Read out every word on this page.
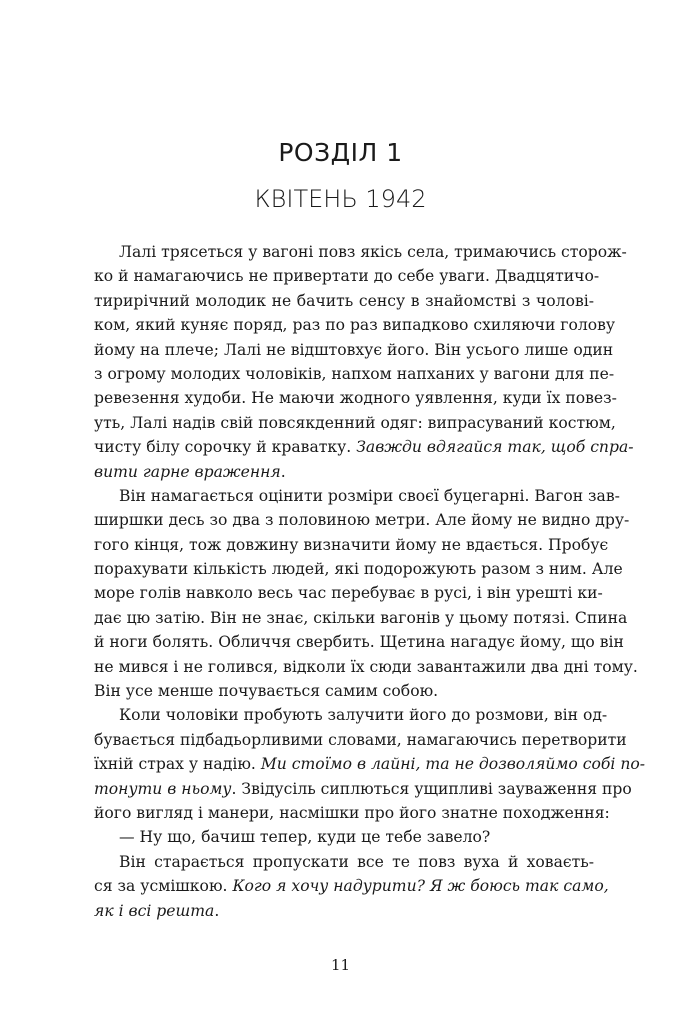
РОЗДІЛ 1
КВІТЕНЬ 1942
Лалі трясеться у вагоні повз якісь села, тримаючись сторож-
ко й намагаючись не привертати до себе уваги. Двадцятичо-
тирирічний молодик не бачить сенсу в знайомстві з чолові-
ком, який куняє поряд, раз по раз випадково схиляючи голову
йому на плече; Лалі не відштовхує його. Він усього лише один
з огрому молодих чоловіків, напхом напханих у вагони для пе-
ревезення худоби. Не маючи жодного уявлення, куди їх повез-
уть, Лалі надів свій повсякденний одяг: випрасуваний костюм,
чисту білу сорочку й краватку. Завжди вдягайся так, щоб спра-
вити гарне враження.
Він намагається оцінити розміри своєї буцегарні. Вагон зав-
ширшки десь зо два з половиною метри. Але йому не видно дру-
гого кінця, тож довжину визначити йому не вдається. Пробує
порахувати кількість людей, які подорожують разом з ним. Але
море голів навколо весь час перебуває в русі, і він урешті ки-
дає цю затію. Він не знає, скільки вагонів у цьому потязі. Спина
й ноги болять. Обличчя свербить. Щетина нагадує йому, що він
не мився і не голився, відколи їх сюди завантажили два дні тому.
Він усе менше почувається самим собою.
Коли чоловіки пробують залучити його до розмови, він од-
бувається підбадьорливими словами, намагаючись перетворити
їхній страх у надію. Ми стоїмо в лайні, та не дозволяймо собі по-
тонути в ньому. Звідусіль сиплються ущипливі зауваження про
його вигляд і манери, насмішки про його знатне походження:
— Ну що, бачиш тепер, куди це тебе завело?
Він старається пропускати все те повз вуха й ховаєть-
ся за усмішкою. Кого я хочу надурити? Я ж боюсь так само,
як і всі решта.
11
